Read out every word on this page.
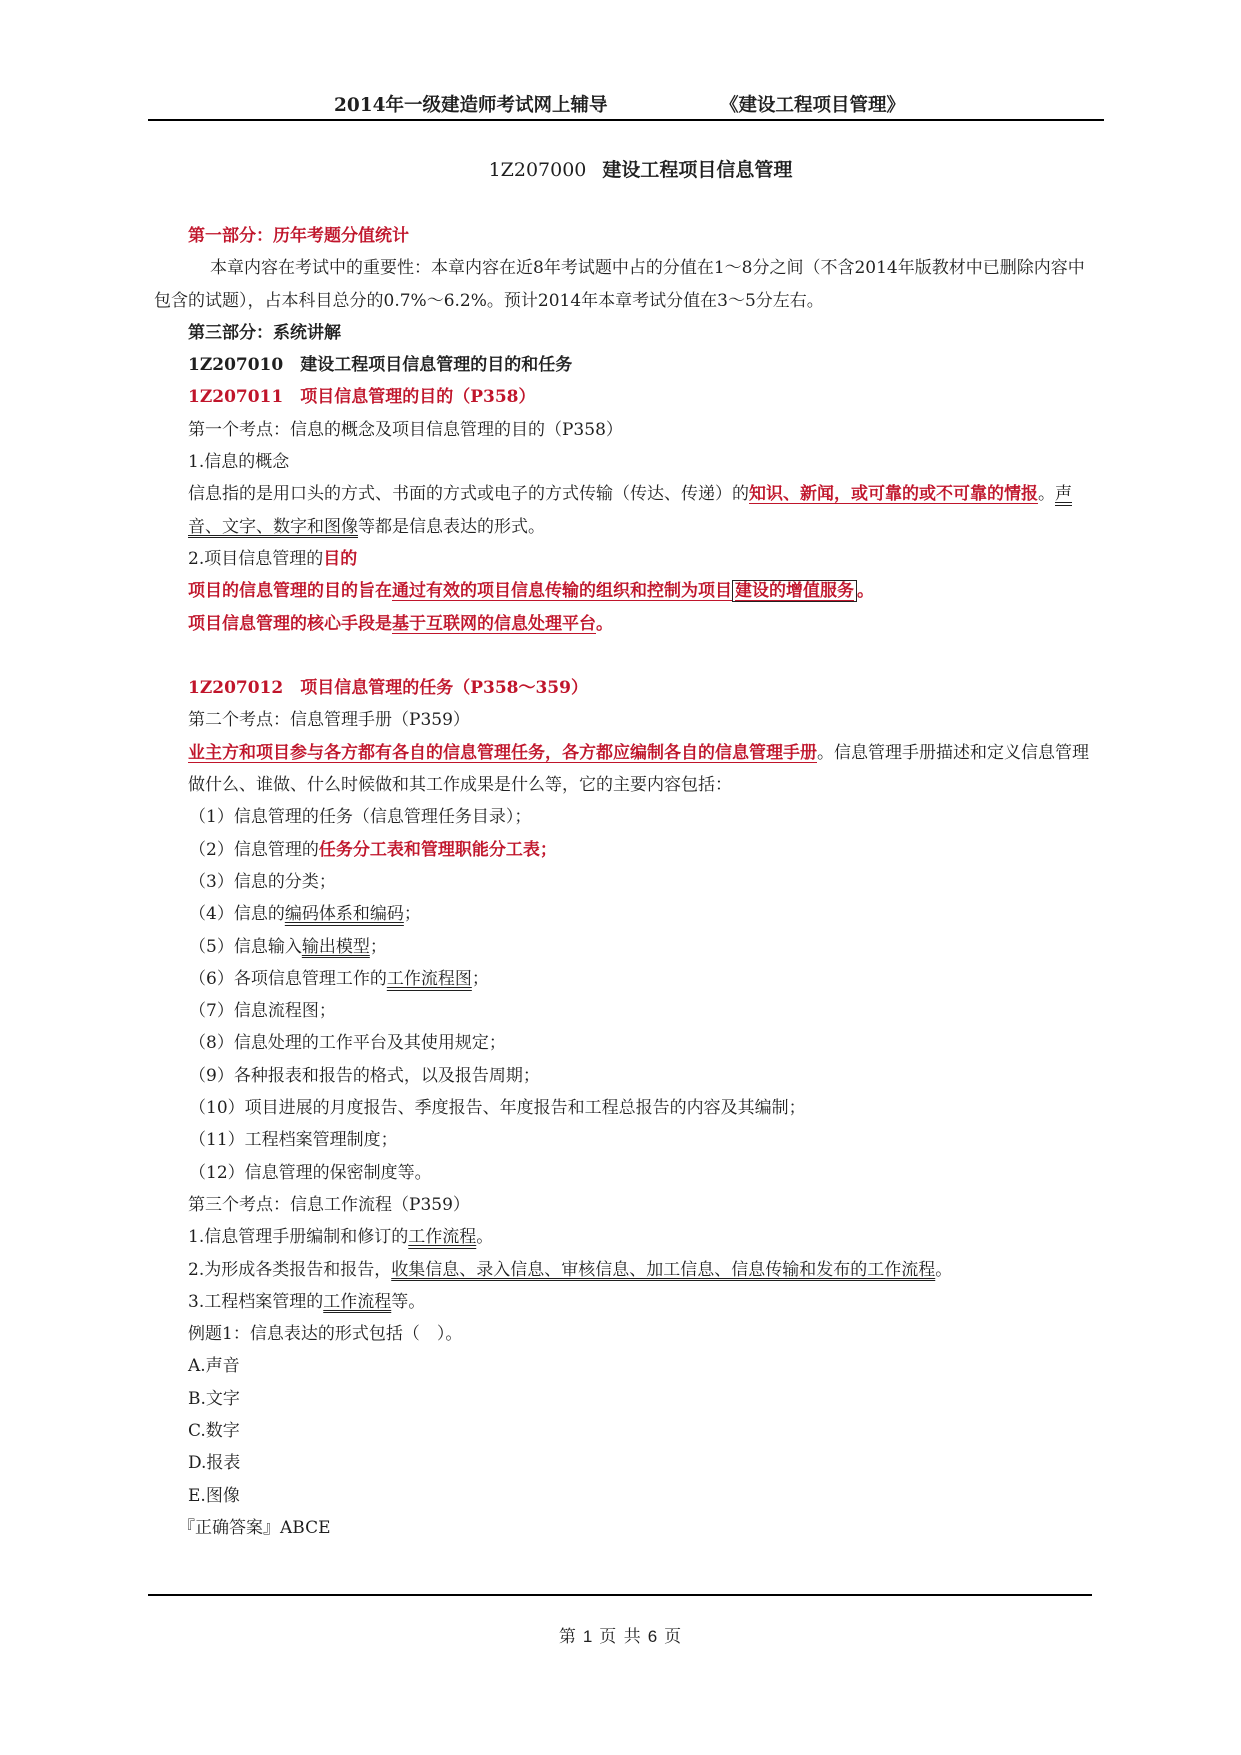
2014年一级建造师考试网上辅导	《建设工程项目管理》
1Z207000 建设工程项目信息管理
第一部分：历年考题分值统计
本章内容在考试中的重要性：本章内容在近8年考试题中占的分值在1～8分之间（不含2014年版教材中已删除内容中包含的试题），占本科目总分的0.7%～6.2%。预计2014年本章考试分值在3～5分左右。
第三部分：系统讲解
1Z207010　建设工程项目信息管理的目的和任务
1Z207011　项目信息管理的目的（P358）
第一个考点：信息的概念及项目信息管理的目的（P358）
1.信息的概念
信息指的是用口头的方式、书面的方式或电子的方式传输（传达、传递）的知识、新闻，或可靠的或不可靠的情报。声音、文字、数字和图像等都是信息表达的形式。
2.项目信息管理的目的
项目的信息管理的目的旨在通过有效的项目信息传输的组织和控制为项目 建设的增值服务 。
项目信息管理的核心手段是基于互联网的信息处理平台。
1Z207012　项目信息管理的任务（P358～359）
第二个考点：信息管理手册（P359）
业主方和项目参与各方都有各自的信息管理任务，各方都应编制各自的信息管理手册。信息管理手册描述和定义信息管理做什么、谁做、什么时候做和其工作成果是什么等，它的主要内容包括：
（1）信息管理的任务（信息管理任务目录）；
（2）信息管理的任务分工表和管理职能分工表；
（3）信息的分类；
（4）信息的编码体系和编码；
（5）信息输入输出模型；
（6）各项信息管理工作的工作流程图；
（7）信息流程图；
（8）信息处理的工作平台及其使用规定；
（9）各种报表和报告的格式，以及报告周期；
（10）项目进展的月度报告、季度报告、年度报告和工程总报告的内容及其编制；
（11）工程档案管理制度；
（12）信息管理的保密制度等。
第三个考点：信息工作流程（P359）
1.信息管理手册编制和修订的工作流程。
2.为形成各类报告和报告，收集信息、录入信息、审核信息、加工信息、信息传输和发布的工作流程。
3.工程档案管理的工作流程等。
例题1：信息表达的形式包括（　）。
A.声音
B.文字
C.数字
D.报表
E.图像
『正确答案』ABCE
第 1 页 共 6 页
